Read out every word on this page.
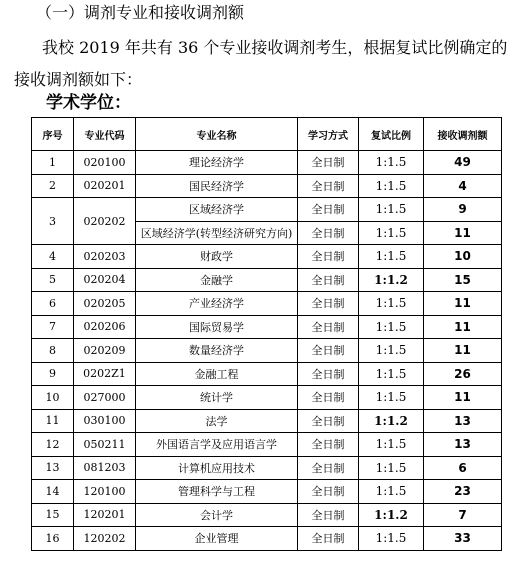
（一）调剂专业和接收调剂额
我校 2019 年共有 36 个专业接收调剂考生，根据复试比例确定的
接收调剂额如下：
学术学位：
序号	专业代码	专业名称	学习方式	复试比例	接收调剂额
1	020100	理论经济学	全日制	1:1.5	49
2	020201	国民经济学	全日制	1:1.5	4
3	020202	区域经济学	全日制	1:1.5	9
		区域经济学(转型经济研究方向)	全日制	1:1.5	11
4	020203	财政学	全日制	1:1.5	10
5	020204	金融学	全日制	1:1.2	15
6	020205	产业经济学	全日制	1:1.5	11
7	020206	国际贸易学	全日制	1:1.5	11
8	020209	数量经济学	全日制	1:1.5	11
9	0202Z1	金融工程	全日制	1:1.5	26
10	027000	统计学	全日制	1:1.5	11
11	030100	法学	全日制	1:1.2	13
12	050211	外国语言学及应用语言学	全日制	1:1.5	13
13	081203	计算机应用技术	全日制	1:1.5	6
14	120100	管理科学与工程	全日制	1:1.5	23
15	120201	会计学	全日制	1:1.2	7
16	120202	企业管理	全日制	1:1.5	33
